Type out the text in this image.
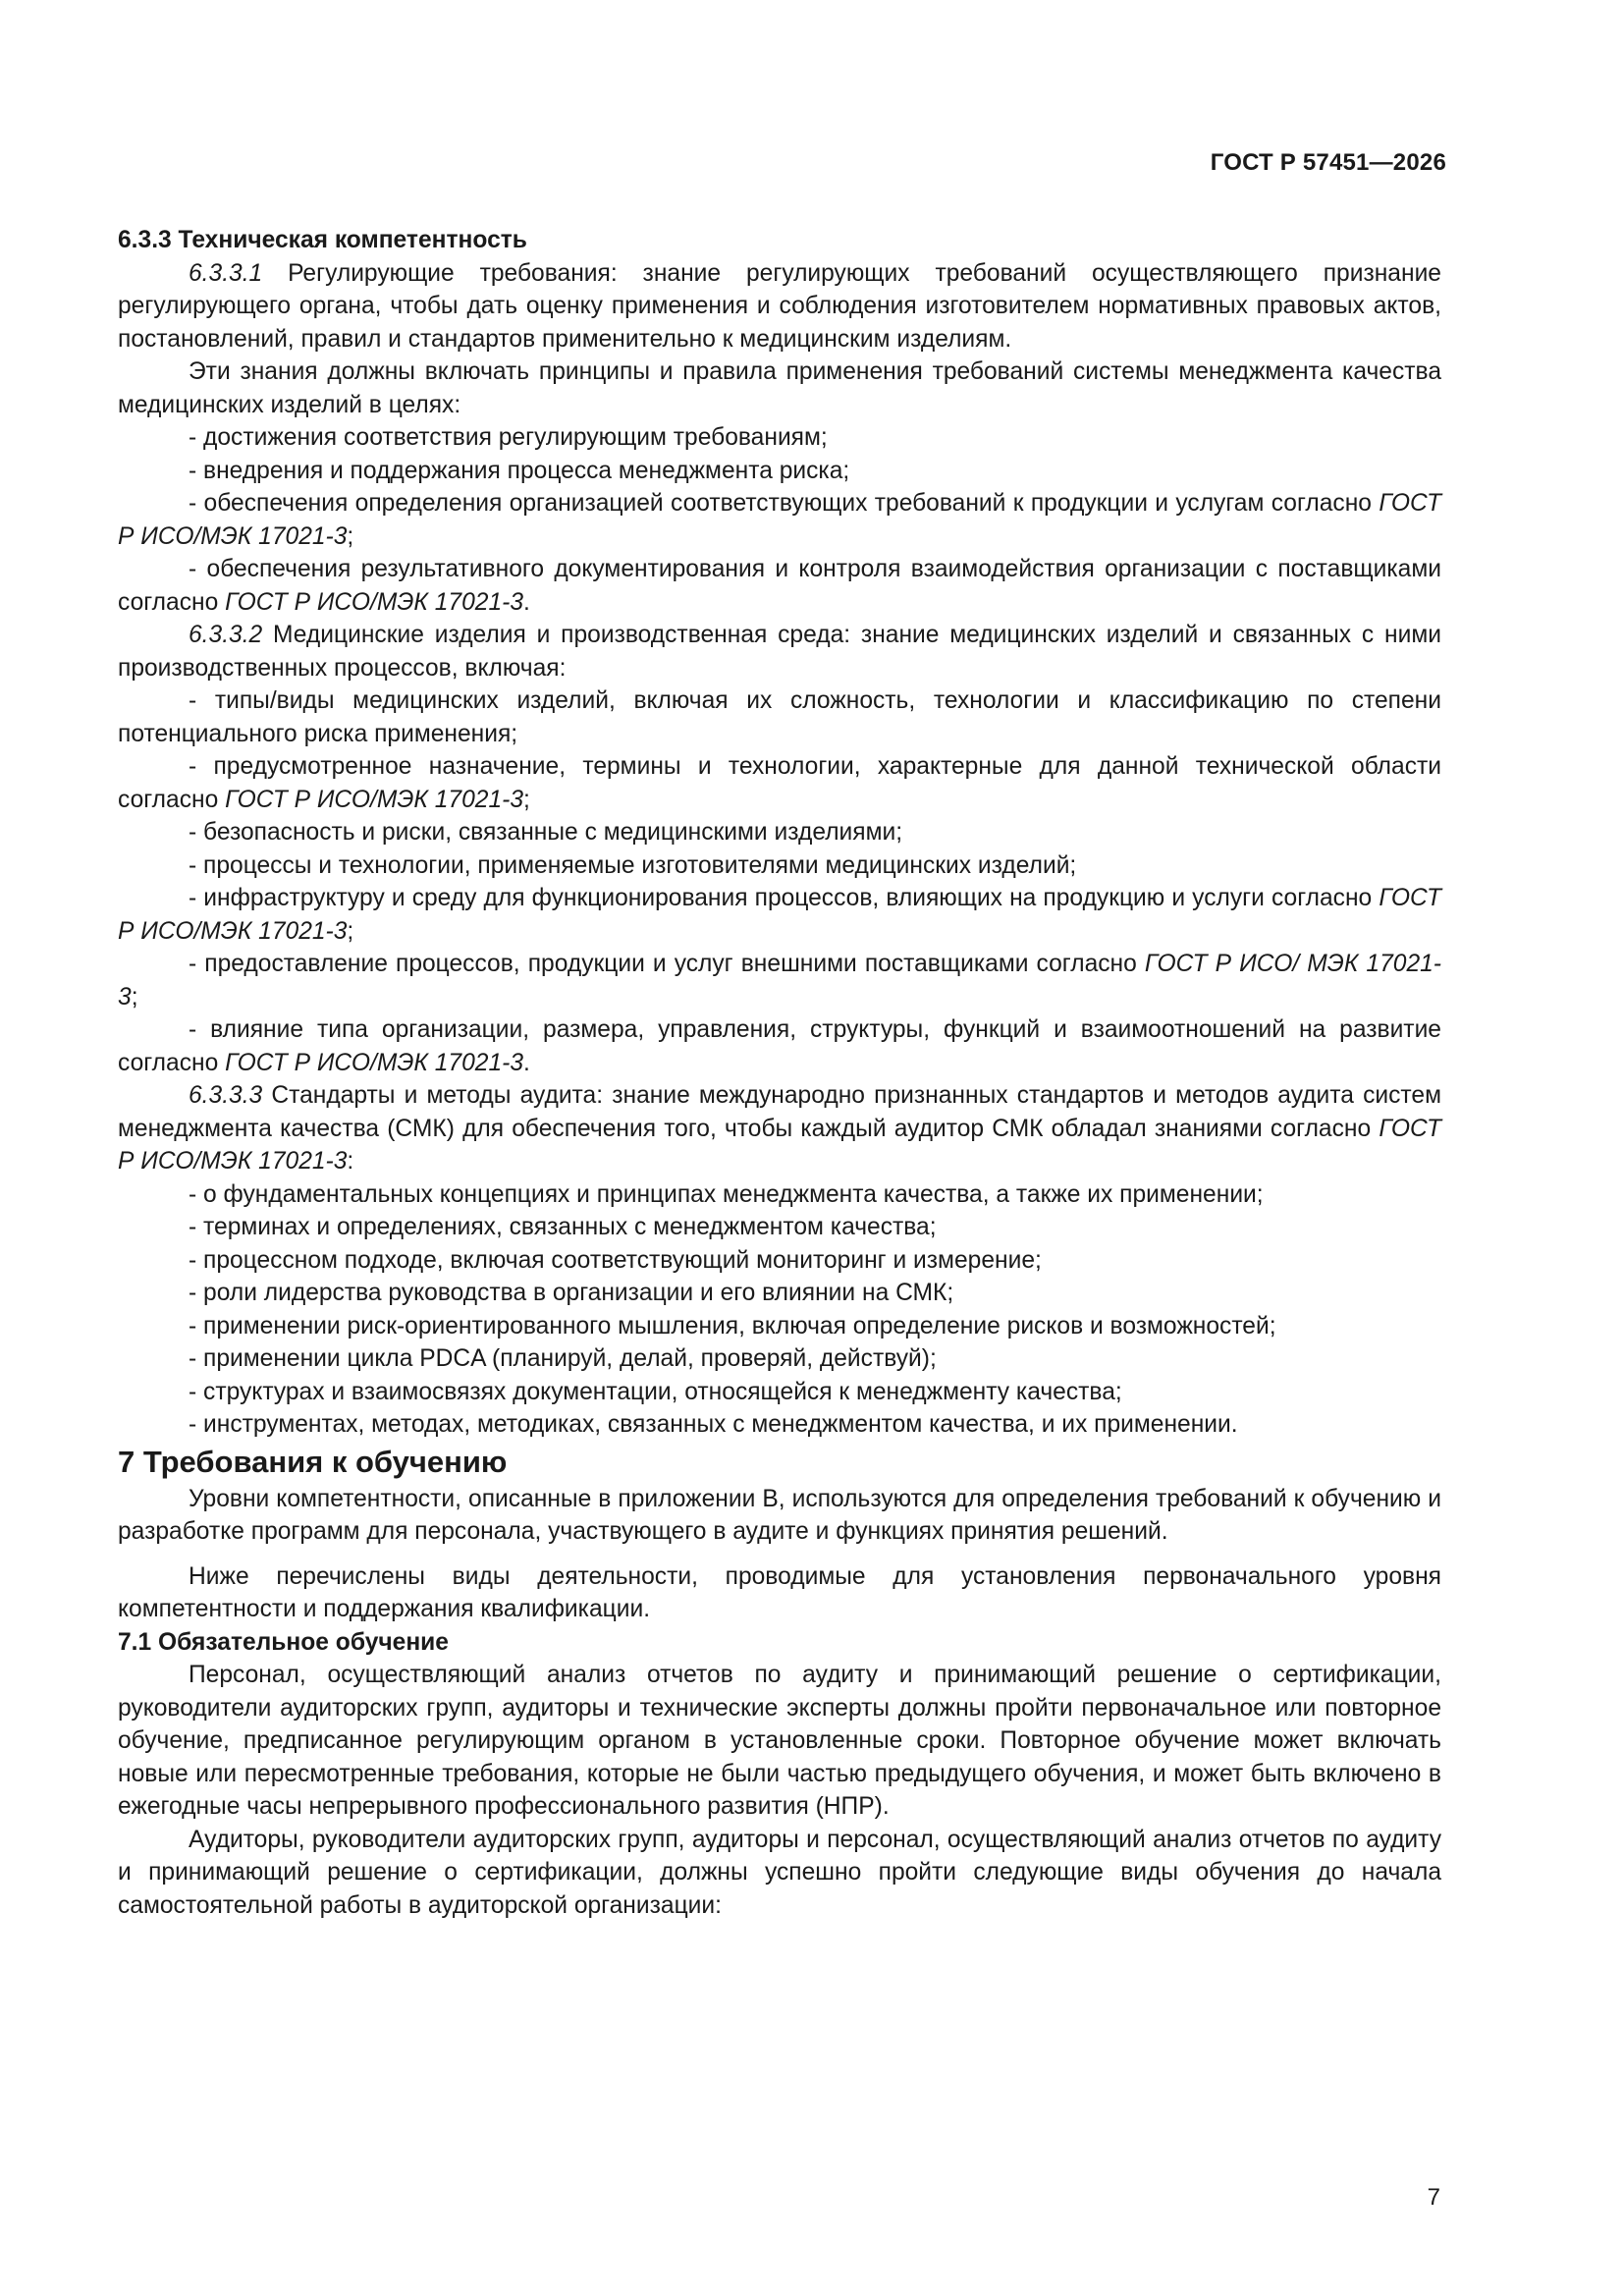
ГОСТ Р 57451—2026

6.3.3 Техническая компетентность

6.3.3.1 Регулирующие требования: знание регулирующих требований осуществляющего признание регулирующего органа, чтобы дать оценку применения и соблюдения изготовителем нормативных правовых актов, постановлений, правил и стандартов применительно к медицинским изделиям.

Эти знания должны включать принципы и правила применения требований системы менеджмента качества медицинских изделий в целях:

- достижения соответствия регулирующим требованиям;

- внедрения и поддержания процесса менеджмента риска;

- обеспечения определения организацией соответствующих требований к продукции и услугам согласно ГОСТ Р ИСО/МЭК 17021-3;

- обеспечения результативного документирования и контроля взаимодействия организации с поставщиками согласно ГОСТ Р ИСО/МЭК 17021-3.

6.3.3.2 Медицинские изделия и производственная среда: знание медицинских изделий и связанных с ними производственных процессов, включая:

- типы/виды медицинских изделий, включая их сложность, технологии и классификацию по степени потенциального риска применения;

- предусмотренное назначение, термины и технологии, характерные для данной технической области согласно ГОСТ Р ИСО/МЭК 17021-3;

- безопасность и риски, связанные с медицинскими изделиями;

- процессы и технологии, применяемые изготовителями медицинских изделий;

- инфраструктуру и среду для функционирования процессов, влияющих на продукцию и услуги согласно ГОСТ Р ИСО/МЭК 17021-3;

- предоставление процессов, продукции и услуг внешними поставщиками согласно ГОСТ Р ИСО/ МЭК 17021-3;

- влияние типа организации, размера, управления, структуры, функций и взаимоотношений на развитие согласно ГОСТ Р ИСО/МЭК 17021-3.

6.3.3.3 Стандарты и методы аудита: знание международно признанных стандартов и методов аудита систем менеджмента качества (СМК) для обеспечения того, чтобы каждый аудитор СМК обладал знаниями согласно ГОСТ Р ИСО/МЭК 17021-3:

- о фундаментальных концепциях и принципах менеджмента качества, а также их применении;

- терминах и определениях, связанных с менеджментом качества;

- процессном подходе, включая соответствующий мониторинг и измерение;

- роли лидерства руководства в организации и его влиянии на СМК;

- применении риск-ориентированного мышления, включая определение рисков и возможностей;

- применении цикла PDCA (планируй, делай, проверяй, действуй);

- структурах и взаимосвязях документации, относящейся к менеджменту качества;

- инструментах, методах, методиках, связанных с менеджментом качества, и их применении.

7 Требования к обучению

Уровни компетентности, описанные в приложении В, используются для определения требований к обучению и разработке программ для персонала, участвующего в аудите и функциях принятия решений.

Ниже перечислены виды деятельности, проводимые для установления первоначального уровня компетентности и поддержания квалификации.

7.1 Обязательное обучение

Персонал, осуществляющий анализ отчетов по аудиту и принимающий решение о сертификации, руководители аудиторских групп, аудиторы и технические эксперты должны пройти первоначальное или повторное обучение, предписанное регулирующим органом в установленные сроки. Повторное обучение может включать новые или пересмотренные требования, которые не были частью предыдущего обучения, и может быть включено в ежегодные часы непрерывного профессионального развития (НПР).

Аудиторы, руководители аудиторских групп, аудиторы и персонал, осуществляющий анализ отчетов по аудиту и принимающий решение о сертификации, должны успешно пройти следующие виды обучения до начала самостоятельной работы в аудиторской организации:

7
